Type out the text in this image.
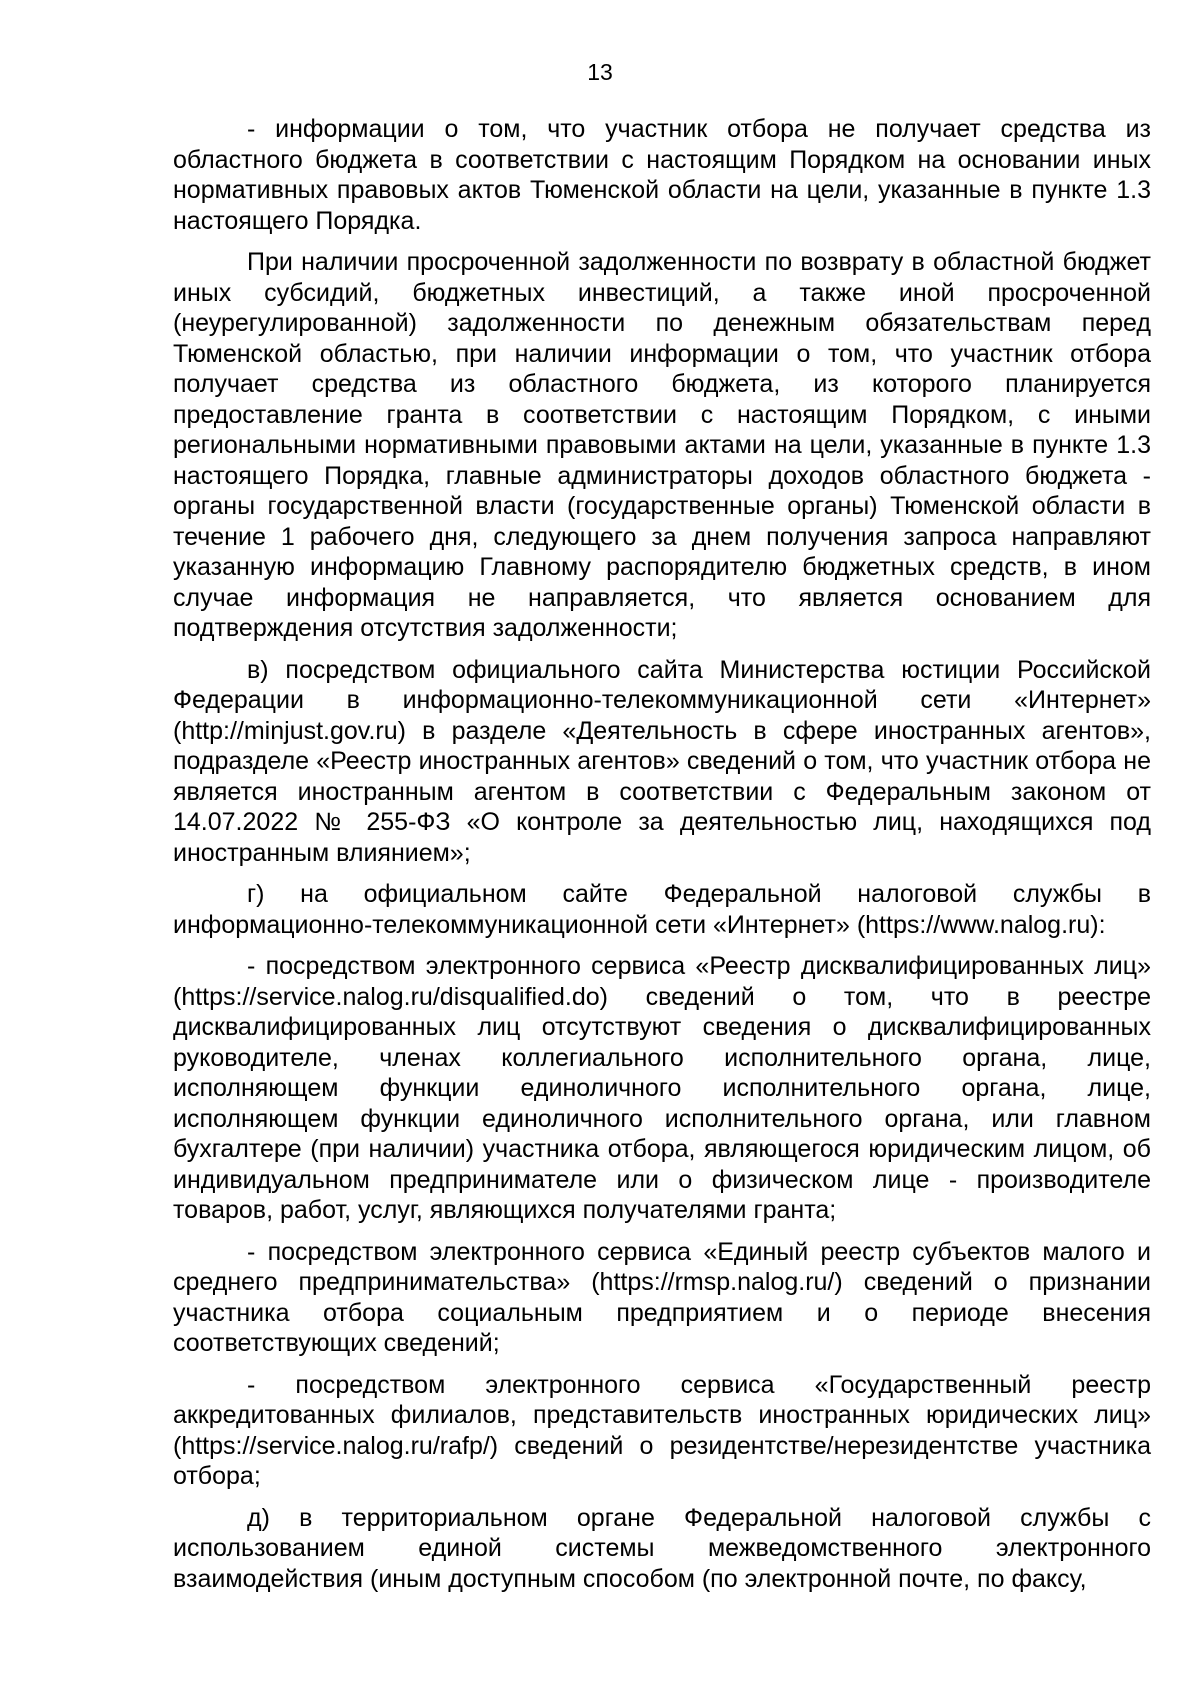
13

- информации о том, что участник отбора не получает средства из областного бюджета в соответствии с настоящим Порядком на основании иных нормативных правовых актов Тюменской области на цели, указанные в пункте 1.3 настоящего Порядка.

При наличии просроченной задолженности по возврату в областной бюджет иных субсидий, бюджетных инвестиций, а также иной просроченной (неурегулированной) задолженности по денежным обязательствам перед Тюменской областью, при наличии информации о том, что участник отбора получает средства из областного бюджета, из которого планируется предоставление гранта в соответствии с настоящим Порядком, с иными региональными нормативными правовыми актами на цели, указанные в пункте 1.3 настоящего Порядка, главные администраторы доходов областного бюджета - органы государственной власти (государственные органы) Тюменской области в течение 1 рабочего дня, следующего за днем получения запроса направляют указанную информацию Главному распорядителю бюджетных средств, в ином случае информация не направляется, что является основанием для подтверждения отсутствия задолженности;

в) посредством официального сайта Министерства юстиции Российской Федерации в информационно-телекоммуникационной сети «Интернет» (http://minjust.gov.ru) в разделе «Деятельность в сфере иностранных агентов», подразделе «Реестр иностранных агентов» сведений о том, что участник отбора не является иностранным агентом в соответствии с Федеральным законом от 14.07.2022 № 255-ФЗ «О контроле за деятельностью лиц, находящихся под иностранным влиянием»;

г) на официальном сайте Федеральной налоговой службы в информационно-телекоммуникационной сети «Интернет» (https://www.nalog.ru):

- посредством электронного сервиса «Реестр дисквалифицированных лиц» (https://service.nalog.ru/disqualified.do) сведений о том, что в реестре дисквалифицированных лиц отсутствуют сведения о дисквалифицированных руководителе, членах коллегиального исполнительного органа, лице, исполняющем функции единоличного исполнительного органа, лице, исполняющем функции единоличного исполнительного органа, или главном бухгалтере (при наличии) участника отбора, являющегося юридическим лицом, об индивидуальном предпринимателе или о физическом лице - производителе товаров, работ, услуг, являющихся получателями гранта;

- посредством электронного сервиса «Единый реестр субъектов малого и среднего предпринимательства» (https://rmsp.nalog.ru/) сведений о признании участника отбора социальным предприятием и о периоде внесения соответствующих сведений;

- посредством электронного сервиса «Государственный реестр аккредитованных филиалов, представительств иностранных юридических лиц» (https://service.nalog.ru/rafp/) сведений о резидентстве/нерезидентстве участника отбора;

д) в территориальном органе Федеральной налоговой службы с использованием единой системы межведомственного электронного взаимодействия (иным доступным способом (по электронной почте, по факсу,
